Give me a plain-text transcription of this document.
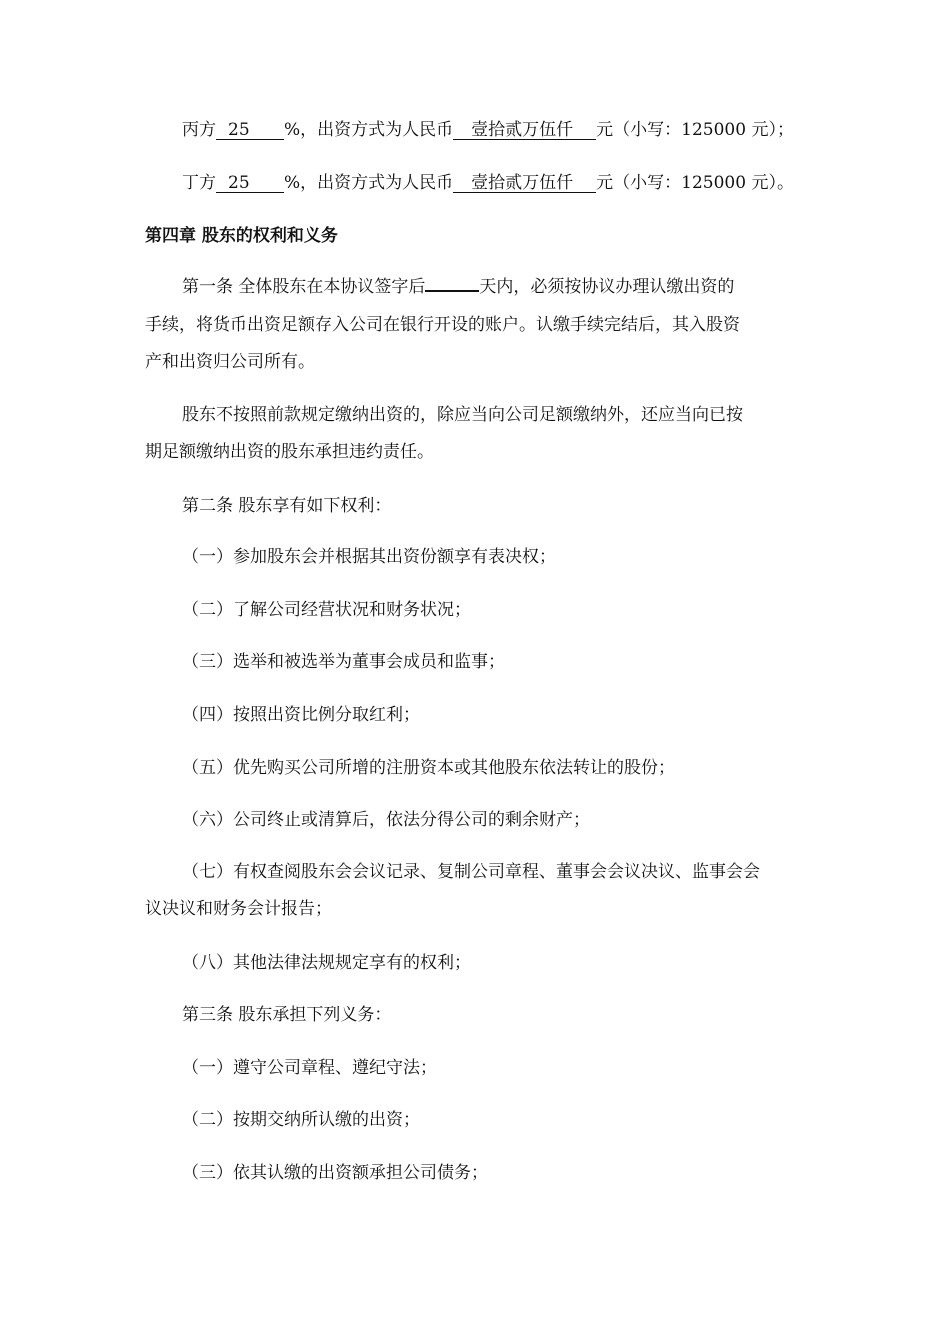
丙方 25 %，出资方式为人民币 壹拾贰万伍仟 元（小写：125000 元）；
丁方 25 %，出资方式为人民币 壹拾贰万伍仟 元（小写：125000 元）。
第四章 股东的权利和义务
第一条 全体股东在本协议签字后	天内，必须按协议办理认缴出资的
手续，将货币出资足额存入公司在银行开设的账户。认缴手续完结后，其入股资
产和出资归公司所有。
股东不按照前款规定缴纳出资的，除应当向公司足额缴纳外，还应当向已按
期足额缴纳出资的股东承担违约责任。
第二条 股东享有如下权利：
（一）参加股东会并根据其出资份额享有表决权；
（二）了解公司经营状况和财务状况；
（三）选举和被选举为董事会成员和监事；
（四）按照出资比例分取红利；
（五）优先购买公司所增的注册资本或其他股东依法转让的股份；
（六）公司终止或清算后，依法分得公司的剩余财产；
（七）有权查阅股东会会议记录、复制公司章程、董事会会议决议、监事会会
议决议和财务会计报告；
（八）其他法律法规规定享有的权利；
第三条 股东承担下列义务：
（一）遵守公司章程、遵纪守法；
（二）按期交纳所认缴的出资；
（三）依其认缴的出资额承担公司债务；
